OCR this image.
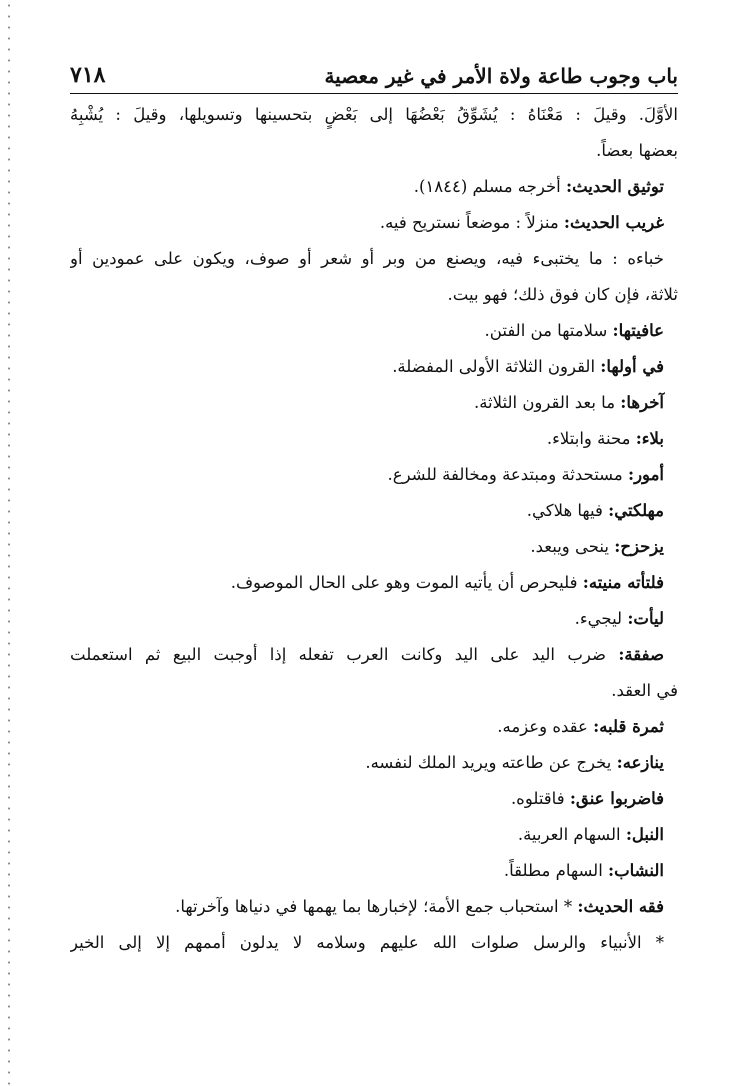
باب وجوب طاعة ولاة الأمر في غير معصية
٧١٨
الأوَّلَ. وقيلَ : مَعْنَاهُ : يُشَوِّقُ بَعْضُهَا إلى بَعْضٍ بتحسينها وتسويلها، وقيلَ : يُشْبِهُ
بعضها بعضاً.
توثيق الحديث: أخرجه مسلم (١٨٤٤).
غريب الحديث: منزلاً : موضعاً نستريح فيه.
خباءه : ما يختبىء فيه، ويصنع من وبر أو شعر أو صوف، ويكون على عمودين أو
ثلاثة، فإن كان فوق ذلك؛ فهو بيت.
عافيتها: سلامتها من الفتن.
في أولها: القرون الثلاثة الأولى المفضلة.
آخرها: ما بعد القرون الثلاثة.
بلاء: محنة وابتلاء.
أمور: مستحدثة ومبتدعة ومخالفة للشرع.
مهلكتي: فيها هلاكي.
يزحزح: ينحى ويبعد.
فلتأته منيته: فليحرص أن يأتيه الموت وهو على الحال الموصوف.
ليأت: ليجيء.
صفقة: ضرب اليد على اليد وكانت العرب تفعله إذا أوجبت البيع ثم استعملت
في العقد.
ثمرة قلبه: عقده وعزمه.
ينازعه: يخرج عن طاعته ويريد الملك لنفسه.
فاضربوا عنق: فاقتلوه.
النبل: السهام العربية.
النشاب: السهام مطلقاً.
فقه الحديث: * استحباب جمع الأمة؛ لإخبارها بما يهمها في دنياها وآخرتها.
* الأنبياء والرسل صلوات الله عليهم وسلامه لا يدلون أممهم إلا إلى الخير
